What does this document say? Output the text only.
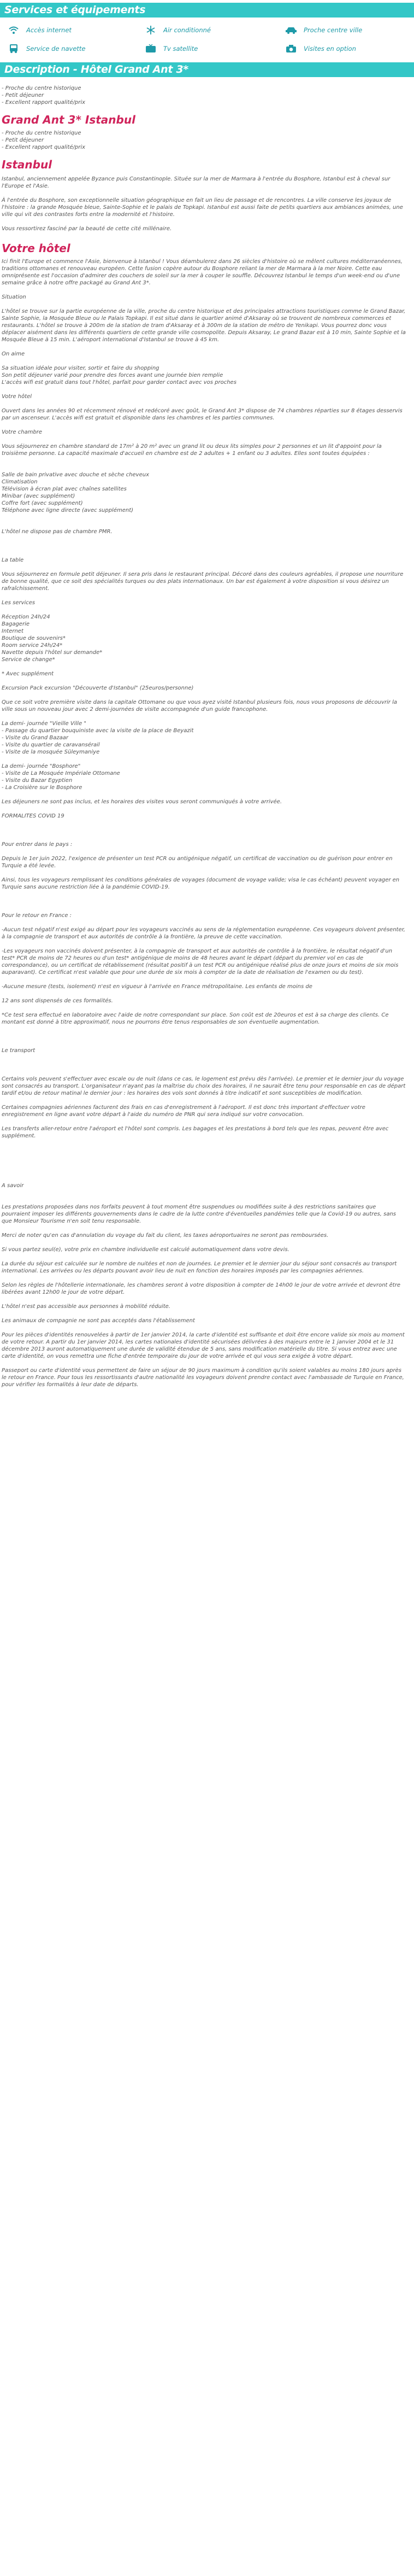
Services et équipements
Accès internet	Air conditionné	Proche centre ville
Service de navette	Tv satellite	Visites en option
Description - Hôtel Grand Ant 3*

- Proche du centre historique

- Petit déjeuner

- Excellent rapport qualité/prix

Grand Ant 3* Istanbul

- Proche du centre historique

- Petit déjeuner

- Excellent rapport qualité/prix

Istanbul

Istanbul, anciennement appelée Byzance puis Constantinople. Située sur la mer de Marmara à l'entrée du Bosphore, Istanbul est à cheval sur l'Europe et l'Asie.

À l'entrée du Bosphore, son exceptionnelle situation géographique en fait un lieu de passage et de rencontres. La ville conserve les joyaux de l'histoire : la grande Mosquée bleue, Sainte-Sophie et le palais de Topkapi. Istanbul est aussi faite de petits quartiers aux ambiances animées, une ville qui vit des contrastes forts entre la modernité et l'histoire.

Vous ressortirez fasciné par la beauté de cette cité millénaire.

Votre hôtel

Ici finit l'Europe et commence l'Asie, bienvenue à Istanbul ! Vous déambulerez dans 26 siècles d'histoire où se mêlent cultures méditerranéennes, traditions ottomanes et renouveau européen. Cette fusion copère autour du Bosphore reliant la mer de Marmara à la mer Noire. Cette eau omniprésente est l'occasion d'admirer des couchers de soleil sur la mer à couper le souffle. Découvrez Istanbul le temps d'un week-end ou d'une semaine grâce à notre offre packagé au Grand Ant 3*.

Situation

L'hôtel se trouve sur la partie européenne de la ville, proche du centre historique et des principales attractions touristiques comme le Grand Bazar, Sainte Sophie, la Mosquée Bleue ou le Palais Topkapi. Il est situé dans le quartier animé d'Aksaray où se trouvent de nombreux commerces et restaurants. L'hôtel se trouve à 200m de la station de tram d'Aksaray et à 300m de la station de métro de Yenikapi. Vous pourrez donc vous déplacer aisément dans les différents quartiers de cette grande ville cosmopolite. Depuis Aksaray, Le grand Bazar est à 10 min, Sainte Sophie et la Mosquée Bleue à 15 min. L'aéroport international d'Istanbul se trouve à 45 km.

On aime

Sa situation idéale pour visiter, sortir et faire du shopping

Son petit déjeuner varié pour prendre des forces avant une journée bien remplie

L'accès wifi est gratuit dans tout l'hôtel, parfait pour garder contact avec vos proches

Votre hôtel

Ouvert dans les années 90 et récemment rénové et redécoré avec goût, le Grand Ant 3* dispose de 74 chambres réparties sur 8 étages desservis par un ascenseur. L'accès wifi est gratuit et disponible dans les chambres et les parties communes.

Votre chambre

Vous séjournerez en chambre standard de 17m² à 20 m² avec un grand lit ou deux lits simples pour 2 personnes et un lit d'appoint pour la troisième personne. La capacité maximale d'accueil en chambre est de 2 adultes + 1 enfant ou 3 adultes. Elles sont toutes équipées :

Salle de bain privative avec douche et sèche cheveux

Climatisation

Télévision à écran plat avec chaînes satellites

Minibar (avec supplément)

Coffre fort (avec supplément)

Téléphone avec ligne directe (avec supplément)

L'hôtel ne dispose pas de chambre PMR.

La table

Vous séjournerez en formule petit déjeuner. Il sera pris dans le restaurant principal. Décoré dans des couleurs agréables, il propose une nourriture de bonne qualité, que ce soit des spécialités turques ou des plats internationaux. Un bar est également à votre disposition si vous désirez un rafraîchissement.

Les services

Réception 24h/24

Bagagerie

Internet

Boutique de souvenirs*

Room service 24h/24*

Navette depuis l'hôtel sur demande*

Service de change*

* Avec supplément

Excursion Pack excursion "Découverte d'Istanbul" (25euros/personne)

Que ce soit votre première visite dans la capitale Ottomane ou que vous ayez visité Istanbul plusieurs fois, nous vous proposons de découvrir la ville sous un nouveau jour avec 2 demi-journées de visite accompagnée d'un guide francophone.

La demi- journée "Vieille Ville "

- Passage du quartier bouquiniste avec la visite de la place de Beyazit

- Visite du Grand Bazaar

- Visite du quartier de caravansérail

- Visite de la mosquée Süleymaniye

La demi- journée "Bosphore"

- Visite de La Mosquée Impériale Ottomane

- Visite du Bazar Egyptien

- La Croisière sur le Bosphore

Les déjeuners ne sont pas inclus, et les horaires des visites vous seront communiqués à votre arrivée.

FORMALITES COVID 19

Pour entrer dans le pays :

Depuis le 1er juin 2022, l'exigence de présenter un test PCR ou antigénique négatif, un certificat de vaccination ou de guérison pour entrer en Turquie a été levée.

Ainsi, tous les voyageurs remplissant les conditions générales de voyages (document de voyage valide; visa le cas échéant) peuvent voyager en Turquie sans aucune restriction liée à la pandémie COVID-19.

Pour le retour en France :

-Aucun test négatif n'est exigé au départ pour les voyageurs vaccinés au sens de la réglementation européenne. Ces voyageurs doivent présenter, à la compagnie de transport et aux autorités de contrôle à la frontière, la preuve de cette vaccination.

-Les voyageurs non vaccinés doivent présenter, à la compagnie de transport et aux autorités de contrôle à la frontière, le résultat négatif d'un test* PCR de moins de 72 heures ou d'un test* antigénique de moins de 48 heures avant le départ (départ du premier vol en cas de correspondance), ou un certificat de rétablissement (résultat positif à un test PCR ou antigénique réalisé plus de onze jours et moins de six mois auparavant). Ce certificat n'est valable que pour une durée de six mois à compter de la date de réalisation de l'examen ou du test).

-Aucune mesure (tests, isolement) n'est en vigueur à l'arrivée en France métropolitaine. Les enfants de moins de

12 ans sont dispensés de ces formalités.

*Ce test sera effectué en laboratoire avec l'aide de notre correspondant sur place. Son coût est de 20euros et est à sa charge des clients. Ce montant est donné à titre approximatif, nous ne pourrons être tenus responsables de son éventuelle augmentation.

Le transport

Certains vols peuvent s'effectuer avec escale ou de nuit (dans ce cas, le logement est prévu dès l'arrivée). Le premier et le dernier jour du voyage sont consacrés au transport. L'organisateur n'ayant pas la maîtrise du choix des horaires, il ne saurait être tenu pour responsable en cas de départ tardif et/ou de retour matinal le dernier jour : les horaires des vols sont donnés à titre indicatif et sont susceptibles de modification.

Certaines compagnies aériennes facturent des frais en cas d'enregistrement à l'aéroport. Il est donc très important d'effectuer votre enregistrement en ligne avant votre départ à l'aide du numéro de PNR qui sera indiqué sur votre convocation.

Les transferts aller-retour entre l'aéroport et l'hôtel sont compris. Les bagages et les prestations à bord tels que les repas, peuvent être avec supplément.

A savoir

Les prestations proposées dans nos forfaits peuvent à tout moment être suspendues ou modifiées suite à des restrictions sanitaires que pourraient imposer les différents gouvernements dans le cadre de la lutte contre d'éventuelles pandémies telle que la Covid-19 ou autres, sans que Monsieur Tourisme n'en soit tenu responsable.

Merci de noter qu'en cas d'annulation du voyage du fait du client, les taxes aéroportuaires ne seront pas remboursées.

Si vous partez seul(e), votre prix en chambre individuelle est calculé automatiquement dans votre devis.

La durée du séjour est calculée sur le nombre de nuitées et non de journées. Le premier et le dernier jour du séjour sont consacrés au transport international. Les arrivées ou les départs pouvant avoir lieu de nuit en fonction des horaires imposés par les compagnies aériennes.

Selon les règles de l'hôtellerie internationale, les chambres seront à votre disposition à compter de 14h00 le jour de votre arrivée et devront être libérées avant 12h00 le jour de votre départ.

L'hôtel n'est pas accessible aux personnes à mobilité réduite.

Les animaux de compagnie ne sont pas acceptés dans l'établissement

Pour les pièces d'identités renouvelées à partir de 1er janvier 2014, la carte d'identité est suffisante et doit être encore valide six mois au moment de votre retour. A partir du 1er janvier 2014, les cartes nationales d'identité sécurisées délivrées à des majeurs entre le 1 janvier 2004 et le 31 décembre 2013 auront automatiquement une durée de validité étendue de 5 ans, sans modification matérielle du titre. Si vous entrez avec une carte d'identité, on vous remettra une fiche d'entrée temporaire du jour de votre arrivée et qui vous sera exigée à votre départ.

Passeport ou carte d'identité vous permettent de faire un séjour de 90 jours maximum à condition qu'ils soient valables au moins 180 jours après le retour en France. Pour tous les ressortissants d'autre nationalité les voyageurs doivent prendre contact avec l'ambassade de Turquie en France, pour vérifier les formalités à leur date de départs.
